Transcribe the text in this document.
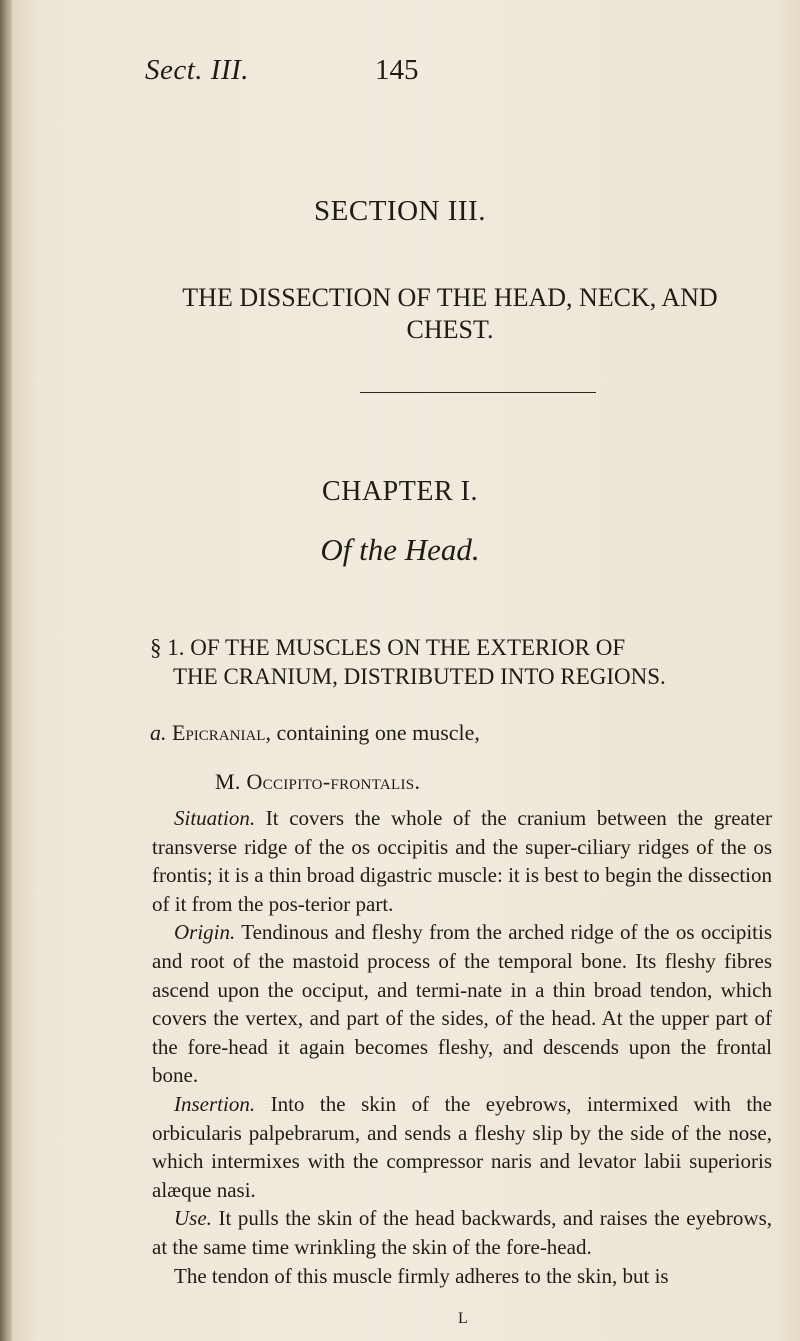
Sect. III.	145
SECTION III.
THE DISSECTION OF THE HEAD, NECK, AND CHEST.
CHAPTER I.
Of the Head.
§ 1. OF THE MUSCLES ON THE EXTERIOR OF
THE CRANIUM, DISTRIBUTED INTO REGIONS.
a. Epicranial, containing one muscle,
M. Occipito-frontalis.

Situation. It covers the whole of the cranium between the greater transverse ridge of the os occipitis and the super-ciliary ridges of the os frontis; it is a thin broad digastric muscle: it is best to begin the dissection of it from the pos-terior part.

Origin. Tendinous and fleshy from the arched ridge of the os occipitis and root of the mastoid process of the temporal bone. Its fleshy fibres ascend upon the occiput, and termi-nate in a thin broad tendon, which covers the vertex, and part of the sides, of the head. At the upper part of the fore-head it again becomes fleshy, and descends upon the frontal bone.

Insertion. Into the skin of the eyebrows, intermixed with the orbicularis palpebrarum, and sends a fleshy slip by the side of the nose, which intermixes with the compressor naris and levator labii superioris alæque nasi.

Use. It pulls the skin of the head backwards, and raises the eyebrows, at the same time wrinkling the skin of the fore-head.

The tendon of this muscle firmly adheres to the skin, but is

L
